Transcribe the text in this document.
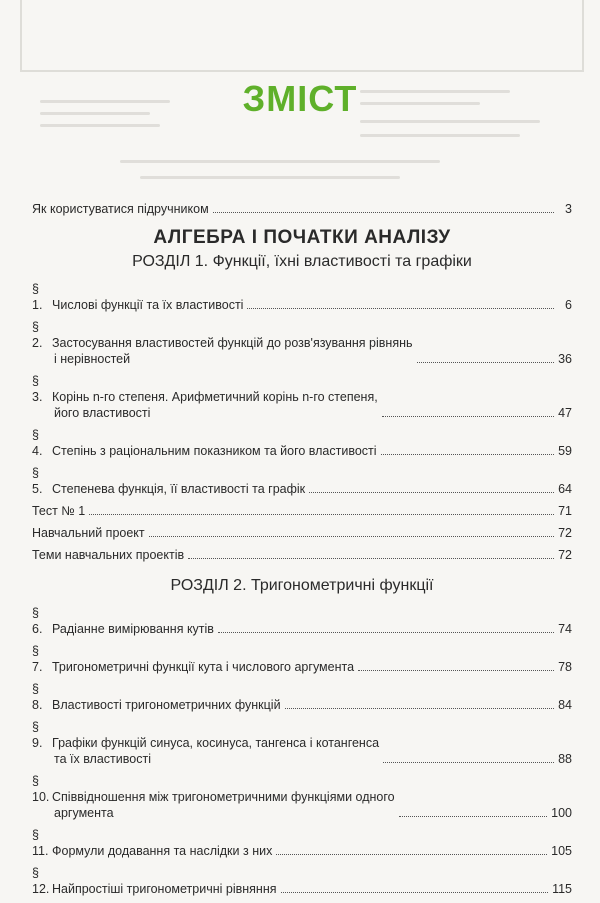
ЗМІСТ
Як користуватися підручником	3
АЛГЕБРА І ПОЧАТКИ АНАЛІЗУ
РОЗДІЛ 1. Функції, їхні властивості та графіки
§ 1. Числові функції та їх властивості	6
§ 2. Застосування властивостей функцій до розв'язування рівнянь
і нерівностей	36
§ 3. Корінь n-го степеня. Арифметичний корінь n-го степеня,
його властивості	47
§ 4. Степінь з раціональним показником та його властивості	59
§ 5. Степенева функція, її властивості та графік	64
Тест № 1	71
Навчальний проект	72
Теми навчальних проектів	72
РОЗДІЛ 2. Тригонометричні функції
§ 6. Радіанне вимірювання кутів	74
§ 7. Тригонометричні функції кута і числового аргумента	78
§ 8. Властивості тригонометричних функцій	84
§ 9. Графіки функцій синуса, косинуса, тангенса і котангенса
та їх властивості	88
§ 10. Співвідношення між тригонометричними функціями одного
аргумента	100
§ 11. Формули додавання та наслідки з них	105
§ 12. Найпростіші тригонометричні рівняння	115
